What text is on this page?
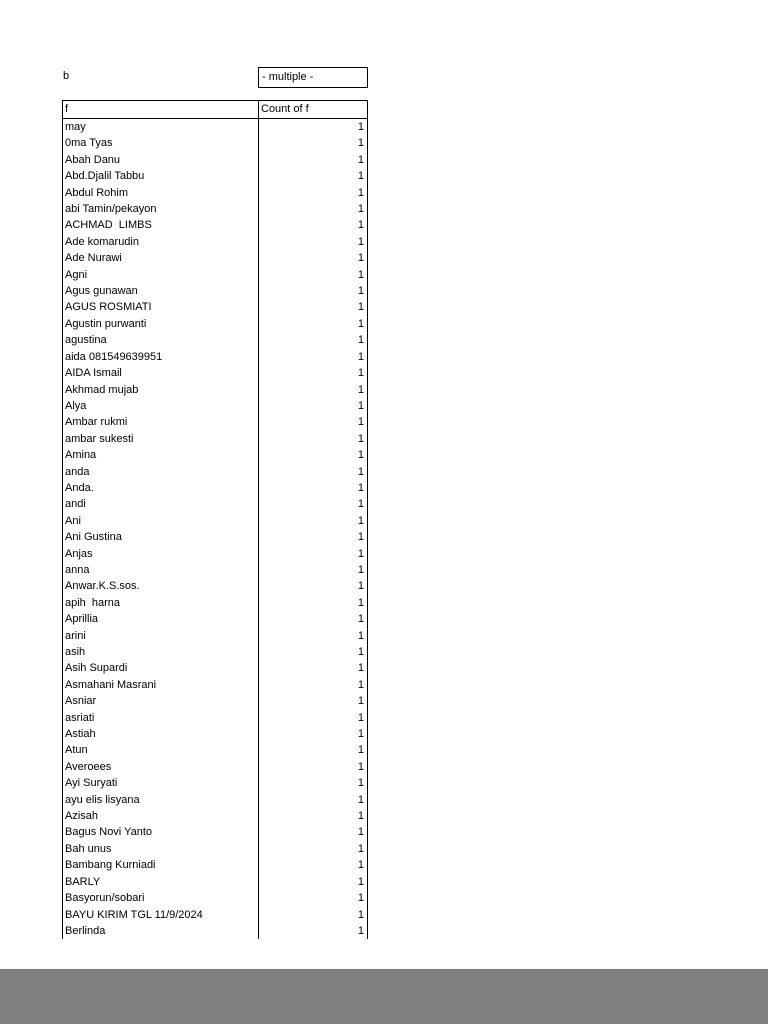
b	- multiple -
f	Count of f
may	1
0ma Tyas	1
Abah Danu	1
Abd.Djalil Tabbu	1
Abdul Rohim	1
abi Tamin/pekayon	1
ACHMAD  LIMBS	1
Ade komarudin	1
Ade Nurawi	1
Agni	1
Agus gunawan	1
AGUS ROSMIATI	1
Agustin purwanti	1
agustina	1
aida 081549639951	1
AIDA Ismail	1
Akhmad mujab	1
Alya	1
Ambar rukmi	1
ambar sukesti	1
Amina	1
anda	1
Anda.	1
andi	1
Ani	1
Ani Gustina	1
Anjas	1
anna	1
Anwar.K.S.sos.	1
apih  harna	1
Aprillia	1
arini	1
asih	1
Asih Supardi	1
Asmahani Masrani	1
Asniar	1
asriati	1
Astiah	1
Atun	1
Averoees	1
Ayi Suryati	1
ayu elis lisyana	1
Azisah	1
Bagus Novi Yanto	1
Bah unus	1
Bambang Kurniadi	1
BARLY	1
Basyorun/sobari	1
BAYU KIRIM TGL 11/9/2024	1
Berlinda	1
